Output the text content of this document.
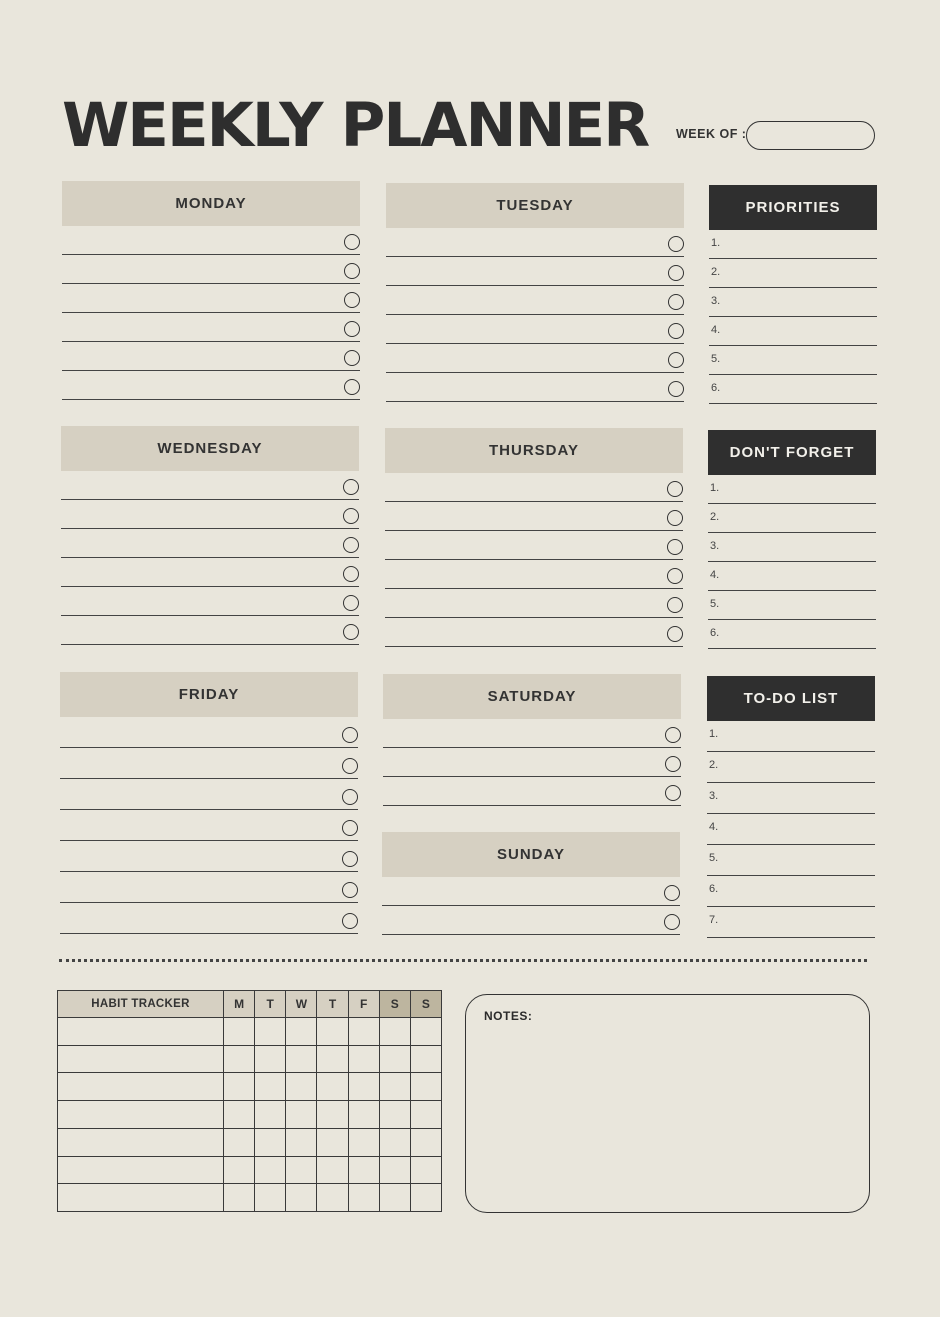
WEEKLY PLANNER WEEK OF :
MONDAY	TUESDAY	PRIORITIES
1.
2.
3.
4.
5.
6.
WEDNESDAY	THURSDAY	DON'T FORGET
1.
2.
3.
4.
5.
6.
FRIDAY	SATURDAY
SUNDAY
TO-DO LIST
1.
2.
3.
4.
5.
6.
7.
HABIT TRACKER	M	T	W	T	F	S	S

NOTES:
